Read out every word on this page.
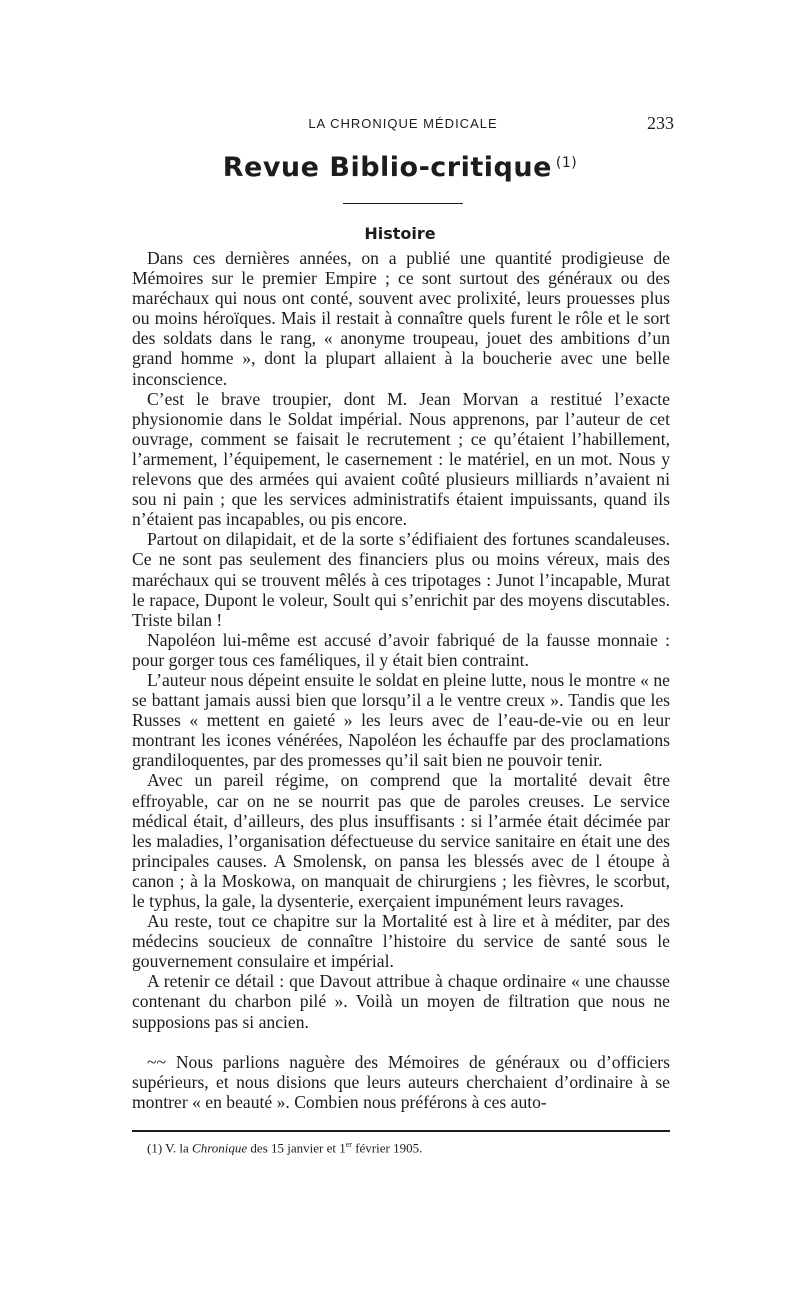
LA CHRONIQUE MÉDICALE	233
Revue Biblio-critique $^{(1)}$
Histoire

Dans ces dernières années, on a publié une quantité prodigieuse de Mémoires sur le premier Empire ; ce sont surtout des généraux ou des maréchaux qui nous ont conté, souvent avec prolixité, leurs prouesses plus ou moins héroïques. Mais il restait à connaître quels furent le rôle et le sort des soldats dans le rang, « anonyme troupeau, jouet des ambitions d’un grand homme », dont la plupart allaient à la boucherie avec une belle inconscience.

C’est le brave troupier, dont M. Jean Morvan a restitué l’exacte physionomie dans le Soldat impérial. Nous apprenons, par l’auteur de cet ouvrage, comment se faisait le recrutement ; ce qu’étaient l’habillement, l’armement, l’équipement, le casernement : le matériel, en un mot. Nous y relevons que des armées qui avaient coûté plusieurs milliards n’avaient ni sou ni pain ; que les services administratifs étaient impuissants, quand ils n’étaient pas incapables, ou pis encore.

Partout on dilapidait, et de la sorte s’édifiaient des fortunes scandaleuses. Ce ne sont pas seulement des financiers plus ou moins véreux, mais des maréchaux qui se trouvent mêlés à ces tripotages : Junot l’incapable, Murat le rapace, Dupont le voleur, Soult qui s’enrichit par des moyens discutables. Triste bilan !

Napoléon lui-même est accusé d’avoir fabriqué de la fausse monnaie : pour gorger tous ces faméliques, il y était bien contraint.

L’auteur nous dépeint ensuite le soldat en pleine lutte, nous le montre « ne se battant jamais aussi bien que lorsqu’il a le ventre creux ». Tandis que les Russes « mettent en gaieté » les leurs avec de l’eau-de-vie ou en leur montrant les icones vénérées, Napoléon les échauffe par des proclamations grandiloquentes, par des promesses qu’il sait bien ne pouvoir tenir.

Avec un pareil régime, on comprend que la mortalité devait être effroyable, car on ne se nourrit pas que de paroles creuses. Le service médical était, d’ailleurs, des plus insuffisants : si l’armée était décimée par les maladies, l’organisation défectueuse du service sanitaire en était une des principales causes. A Smolensk, on pansa les blessés avec de l étoupe à canon ; à la Moskowa, on manquait de chirurgiens ; les fièvres, le scorbut, le typhus, la gale, la dysenterie, exerçaient impunément leurs ravages.

Au reste, tout ce chapitre sur la Mortalité est à lire et à méditer, par des médecins soucieux de connaître l’histoire du service de santé sous le gouvernement consulaire et impérial.

A retenir ce détail : que Davout attribue à chaque ordinaire « une chausse contenant du charbon pilé ». Voilà un moyen de filtration que nous ne supposions pas si ancien.

~~ Nous parlions naguère des Mémoires de généraux ou d’officiers supérieurs, et nous disions que leurs auteurs cherchaient d’ordinaire à se montrer « en beauté ». Combien nous préférons à ces auto-

(1) V. la Chronique des 15 janvier et 1er février 1905.
